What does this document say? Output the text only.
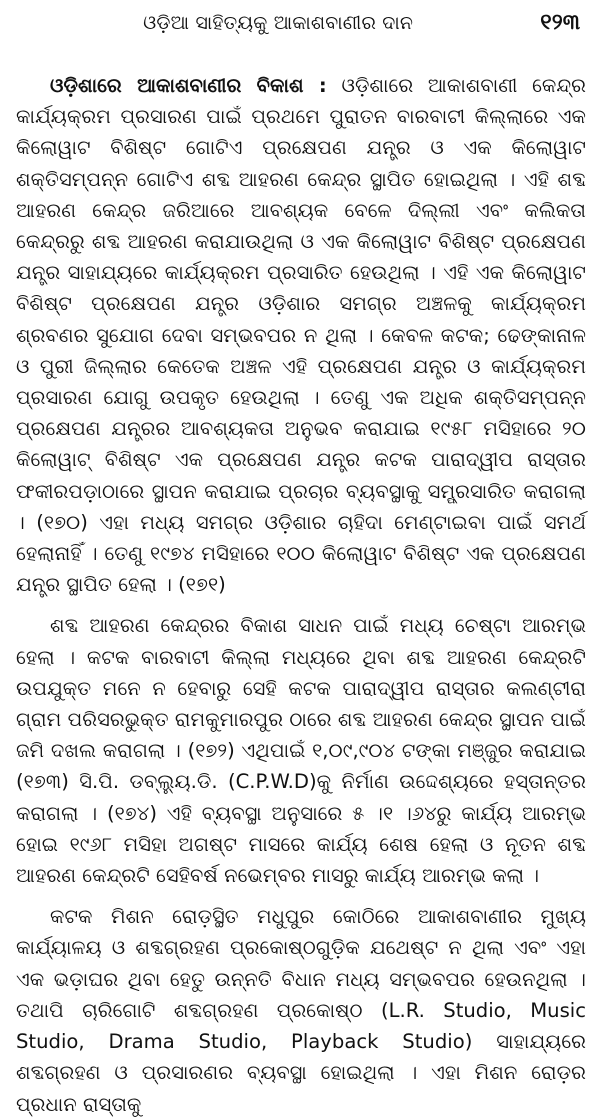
ଓଡ଼ିଆ ସାହିତ୍ୟକୁ ଆକାଶବାଣୀର ଦାନ	୧୨୩

ଓଡ଼ିଶାରେ ଆକାଶବାଣୀର ବିକାଶ : ଓଡ଼ିଶାରେ ଆକାଶବାଣୀ କେନ୍ଦ୍ର କାର୍ଯ୍ୟକ୍ରମ ପ୍ରସାରଣ ପାଇଁ ପ୍ରଥମେ ପୁରାତନ ବାରବାଟୀ କିଲ୍ଲାରେ ଏକ କିଲୋୱାଟ ବିଶିଷ୍ଟ ଗୋଟିଏ ପ୍ରକ୍ଷେପଣ ଯନ୍ତ୍ର ଓ ଏକ କିଲୋୱାଟ ଶକ୍ତିସମ୍ପନ୍ନ ଗୋଟିଏ ଶବ୍ଦ ଆହରଣ କେନ୍ଦ୍ର ସ୍ଥାପିତ ହୋଇଥିଲା । ଏହି ଶବ୍ଦ ଆହରଣ କେନ୍ଦ୍ର ଜରିଆରେ ଆବଶ୍ୟକ ବେଳେ ଦିଲ୍ଲୀ ଏବଂ କଲିକତା କେନ୍ଦ୍ରରୁ ଶବ୍ଦ ଆହରଣ କରାଯାଉଥିଲା ଓ ଏକ କିଲୋୱାଟ ବିଶିଷ୍ଟ ପ୍ରକ୍ଷେପଣ ଯନ୍ତ୍ର ସାହାଯ୍ୟରେ କାର୍ଯ୍ୟକ୍ରମ ପ୍ରସାରିତ ହେଉଥିଲା । ଏହି ଏକ କିଲୋୱାଟ ବିଶିଷ୍ଟ ପ୍ରକ୍ଷେପଣ ଯନ୍ତ୍ର ଓଡ଼ିଶାର ସମଗ୍ର ଅଞ୍ଚଳକୁ କାର୍ଯ୍ୟକ୍ରମ ଶ୍ରବଣର ସୁଯୋଗ ଦେବା ସମ୍ଭବପର ନ ଥିଲା । କେବଳ କଟକ; ଢେଙ୍କାନାଳ ଓ ପୁରୀ ଜିଲ୍ଲାର କେତେକ ଅଞ୍ଚଳ ଏହି ପ୍ରକ୍ଷେପଣ ଯନ୍ତ୍ର ଓ କାର୍ଯ୍ୟକ୍ରମ ପ୍ରସାରଣ ଯୋଗୁ ଉପକୃତ ହେଉଥିଲା । ତେଣୁ ଏକ ଅଧିକ ଶକ୍ତିସମ୍ପନ୍ନ ପ୍ରକ୍ଷେପଣ ଯନ୍ତ୍ରର ଆବଶ୍ୟକତା ଅନୁଭବ କରାଯାଇ ୧୯୫୮ ମସିହାରେ ୨୦ କିଲୋୱାଟ୍ ବିଶିଷ୍ଟ ଏକ ପ୍ରକ୍ଷେପଣ ଯନ୍ତ୍ର କଟକ ପାରାଦ୍ୱୀପ ରାସ୍ତାର ଫକୀରପଡ଼ାଠାରେ ସ୍ଥାପନ କରାଯାଇ ପ୍ରଚାର ବ୍ୟବସ୍ଥାକୁ ସମ୍ପ୍ରସାରିତ କରାଗଲା । (୧୭୦) ଏହା ମଧ୍ୟ ସମଗ୍ର ଓଡ଼ିଶାର ଚାହିଦା ମେଣ୍ଟାଇବା ପାଇଁ ସମର୍ଥ ହେଲାନାହିଁ । ତେଣୁ ୧୯୭୪ ମସିହାରେ ୧୦୦ କିଲୋୱାଟ ବିଶିଷ୍ଟ ଏକ ପ୍ରକ୍ଷେପଣ ଯନ୍ତ୍ର ସ୍ଥାପିତ ହେଲା । (୧୭୧)

ଶବ୍ଦ ଆହରଣ କେନ୍ଦ୍ରର ବିକାଶ ସାଧନ ପାଇଁ ମଧ୍ୟ ଚେଷ୍ଟା ଆରମ୍ଭ ହେଲା । କଟକ ବାରବାଟୀ କିଲ୍ଲା ମଧ୍ୟରେ ଥିବା ଶବ୍ଦ ଆହରଣ କେନ୍ଦ୍ରଟି ଉପଯୁକ୍ତ ମନେ ନ ହେବାରୁ ସେହି କଟକ ପାରାଦ୍ୱୀପ ରାସ୍ତାର କଲଣ୍ଟୀରା ଗ୍ରାମ ପରିସରଭୁକ୍ତ ରାମକୁମାରପୁର ଠାରେ ଶବ୍ଦ ଆହରଣ କେନ୍ଦ୍ର ସ୍ଥାପନ ପାଇଁ ଜମି ଦଖଲ କରାଗଲା । (୧୭୨) ଏଥିପାଇଁ ୧,୦୯,୯୦୪ ଟଙ୍କା ମଞ୍ଜୁର କରାଯାଇ (୧୭୩) ସି.ପି. ଡବ୍ଲ୍ୟୁ.ଡି. (C.P.W.D)କୁ ନିର୍ମାଣ ଉଦ୍ଦେଶ୍ୟରେ ହସ୍ତାନ୍ତର କରାଗଲା । (୧୭୪) ଏହି ବ୍ୟବସ୍ଥା ଅନୁସାରେ ୫ ।୧ ।୬୪ରୁ କାର୍ଯ୍ୟ ଆରମ୍ଭ ହୋଇ ୧୯୬୮ ମସିହା ଅଗଷ୍ଟ ମାସରେ କାର୍ଯ୍ୟ ଶେଷ ହେଲା ଓ ନୂତନ ଶବ୍ଦ ଆହରଣ କେନ୍ଦ୍ରଟି ସେହିବର୍ଷ ନଭେମ୍ବର ମାସରୁ କାର୍ଯ୍ୟ ଆରମ୍ଭ କଲା ।

କଟକ ମିଶନ ରୋଡ଼ସ୍ଥିତ ମଧୁପୁର କୋଠିରେ ଆକାଶବାଣୀର ମୁଖ୍ୟ କାର୍ଯ୍ୟାଳୟ ଓ ଶବ୍ଦଗ୍ରହଣ ପ୍ରକୋଷ୍ଠଗୁଡ଼ିକ ଯଥେଷ୍ଟ ନ ଥିଲା ଏବଂ ଏହା ଏକ ଭଡ଼ାଘର ଥିବା ହେତୁ ଉନ୍ନତି ବିଧାନ ମଧ୍ୟ ସମ୍ଭବପର ହେଉନଥିଲା । ତଥାପି ଚାରିଗୋଟି ଶବ୍ଦଗ୍ରହଣ ପ୍ରକୋଷ୍ଠ (L.R. Studio, Music Studio, Drama Studio, Playback Studio) ସାହାଯ୍ୟରେ ଶବ୍ଦଗ୍ରହଣ ଓ ପ୍ରସାରଣର ବ୍ୟବସ୍ଥା ହୋଇଥିଲା । ଏହା ମିଶନ ରୋଡ଼ର ପ୍ରଧାନ ରାସ୍ତାକୁ
